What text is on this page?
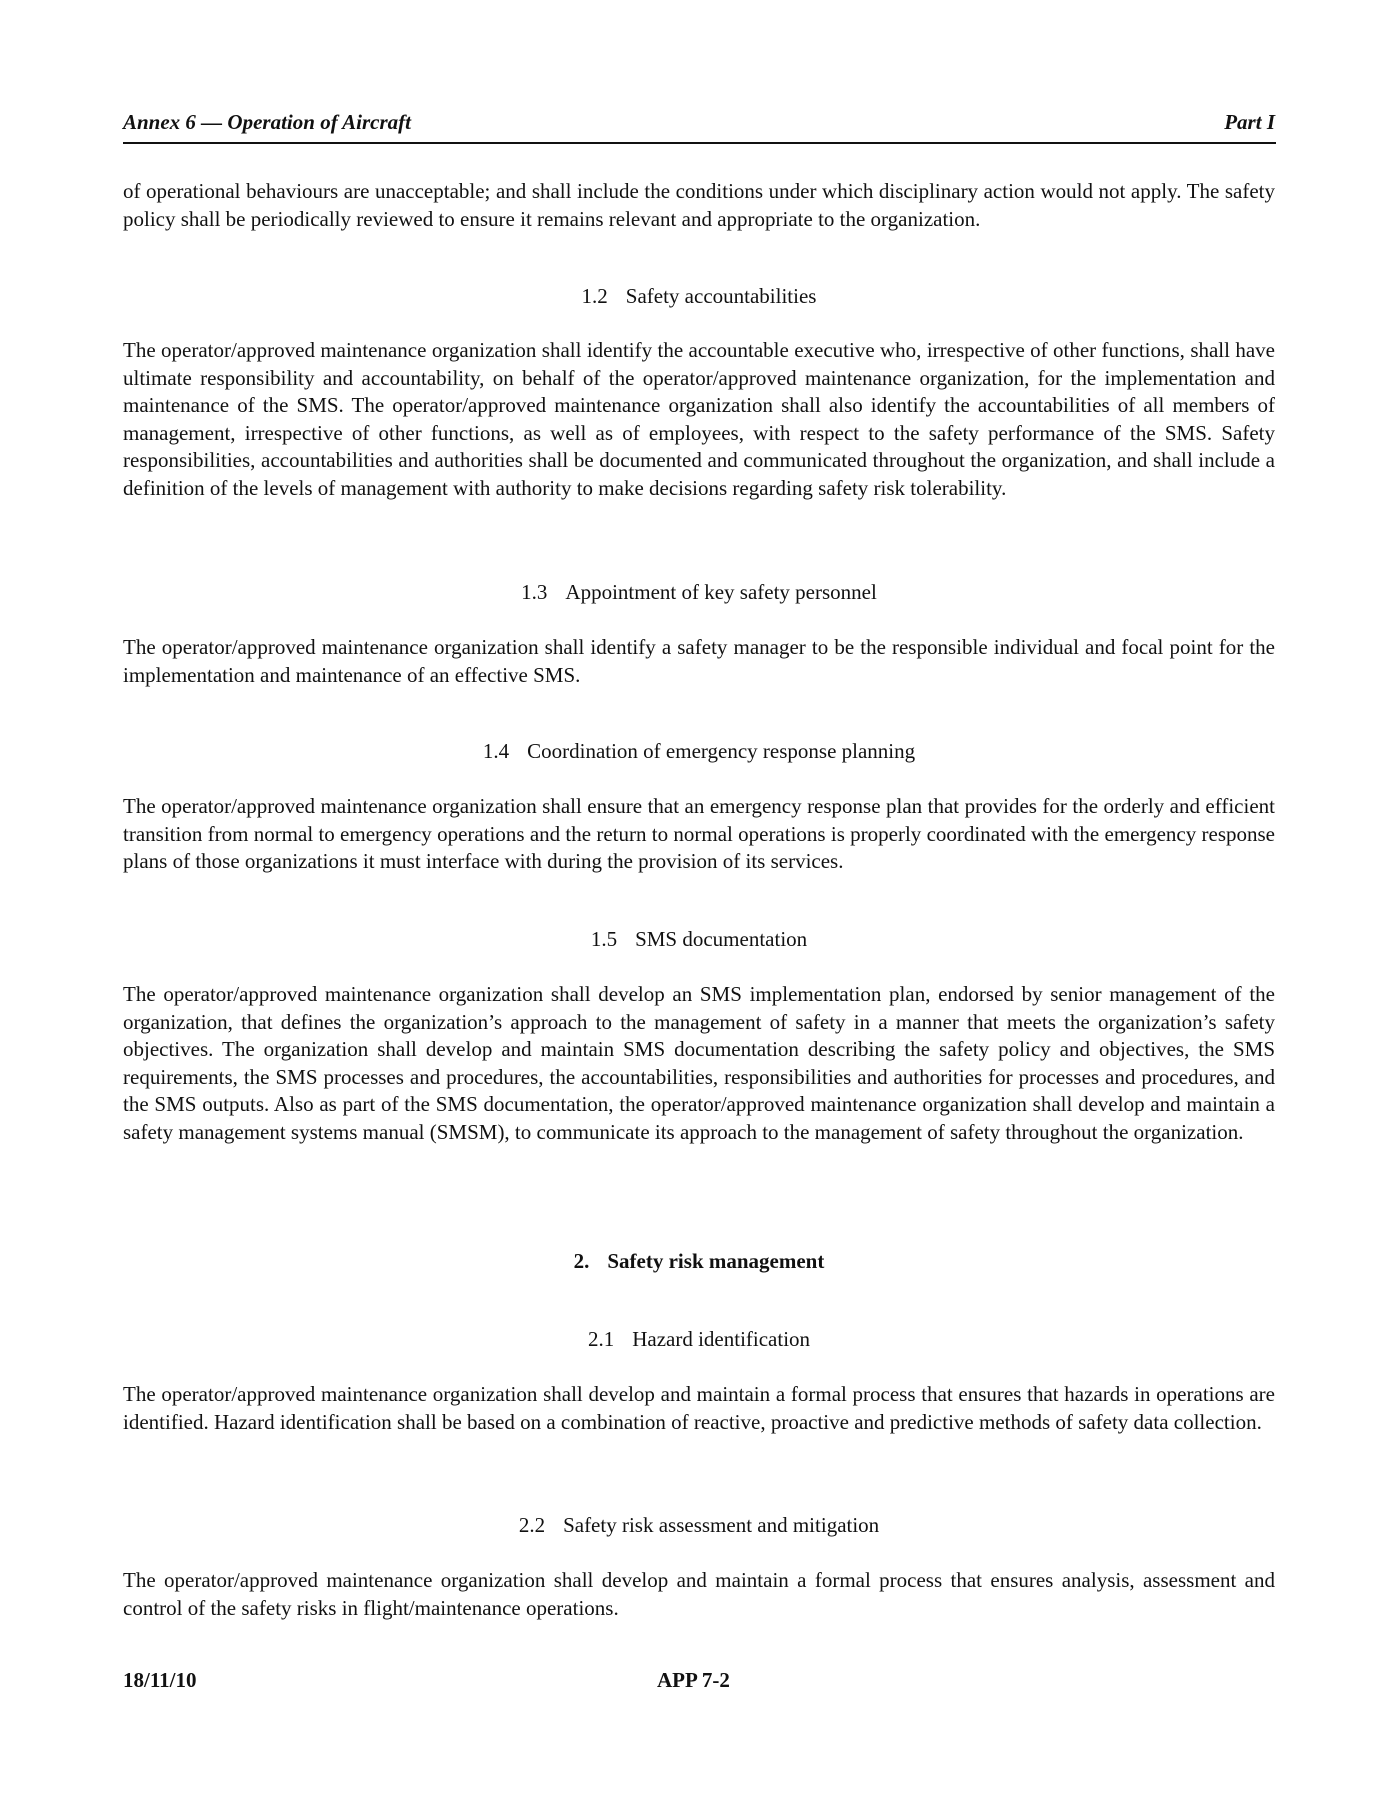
Annex 6 — Operation of Aircraft	Part I
of operational behaviours are unacceptable; and shall include the conditions under which disciplinary action would not apply. The safety policy shall be periodically reviewed to ensure it remains relevant and appropriate to the organization.
1.2 Safety accountabilities
The operator/approved maintenance organization shall identify the accountable executive who, irrespective of other functions, shall have ultimate responsibility and accountability, on behalf of the operator/approved maintenance organization, for the implementation and maintenance of the SMS. The operator/approved maintenance organization shall also identify the accountabilities of all members of management, irrespective of other functions, as well as of employees, with respect to the safety performance of the SMS. Safety responsibilities, accountabilities and authorities shall be documented and communicated throughout the organization, and shall include a definition of the levels of management with authority to make decisions regarding safety risk tolerability.
1.3 Appointment of key safety personnel
The operator/approved maintenance organization shall identify a safety manager to be the responsible individual and focal point for the implementation and maintenance of an effective SMS.
1.4 Coordination of emergency response planning
The operator/approved maintenance organization shall ensure that an emergency response plan that provides for the orderly and efficient transition from normal to emergency operations and the return to normal operations is properly coordinated with the emergency response plans of those organizations it must interface with during the provision of its services.
1.5 SMS documentation
The operator/approved maintenance organization shall develop an SMS implementation plan, endorsed by senior management of the organization, that defines the organization’s approach to the management of safety in a manner that meets the organization’s safety objectives. The organization shall develop and maintain SMS documentation describing the safety policy and objectives, the SMS requirements, the SMS processes and procedures, the accountabilities, responsibilities and authorities for processes and procedures, and the SMS outputs. Also as part of the SMS documentation, the operator/approved maintenance organization shall develop and maintain a safety management systems manual (SMSM), to communicate its approach to the management of safety throughout the organization.
2. Safety risk management
2.1 Hazard identification
The operator/approved maintenance organization shall develop and maintain a formal process that ensures that hazards in operations are identified. Hazard identification shall be based on a combination of reactive, proactive and predictive methods of safety data collection.
2.2 Safety risk assessment and mitigation
The operator/approved maintenance organization shall develop and maintain a formal process that ensures analysis, assessment and control of the safety risks in flight/maintenance operations.
18/11/10	APP 7-2
